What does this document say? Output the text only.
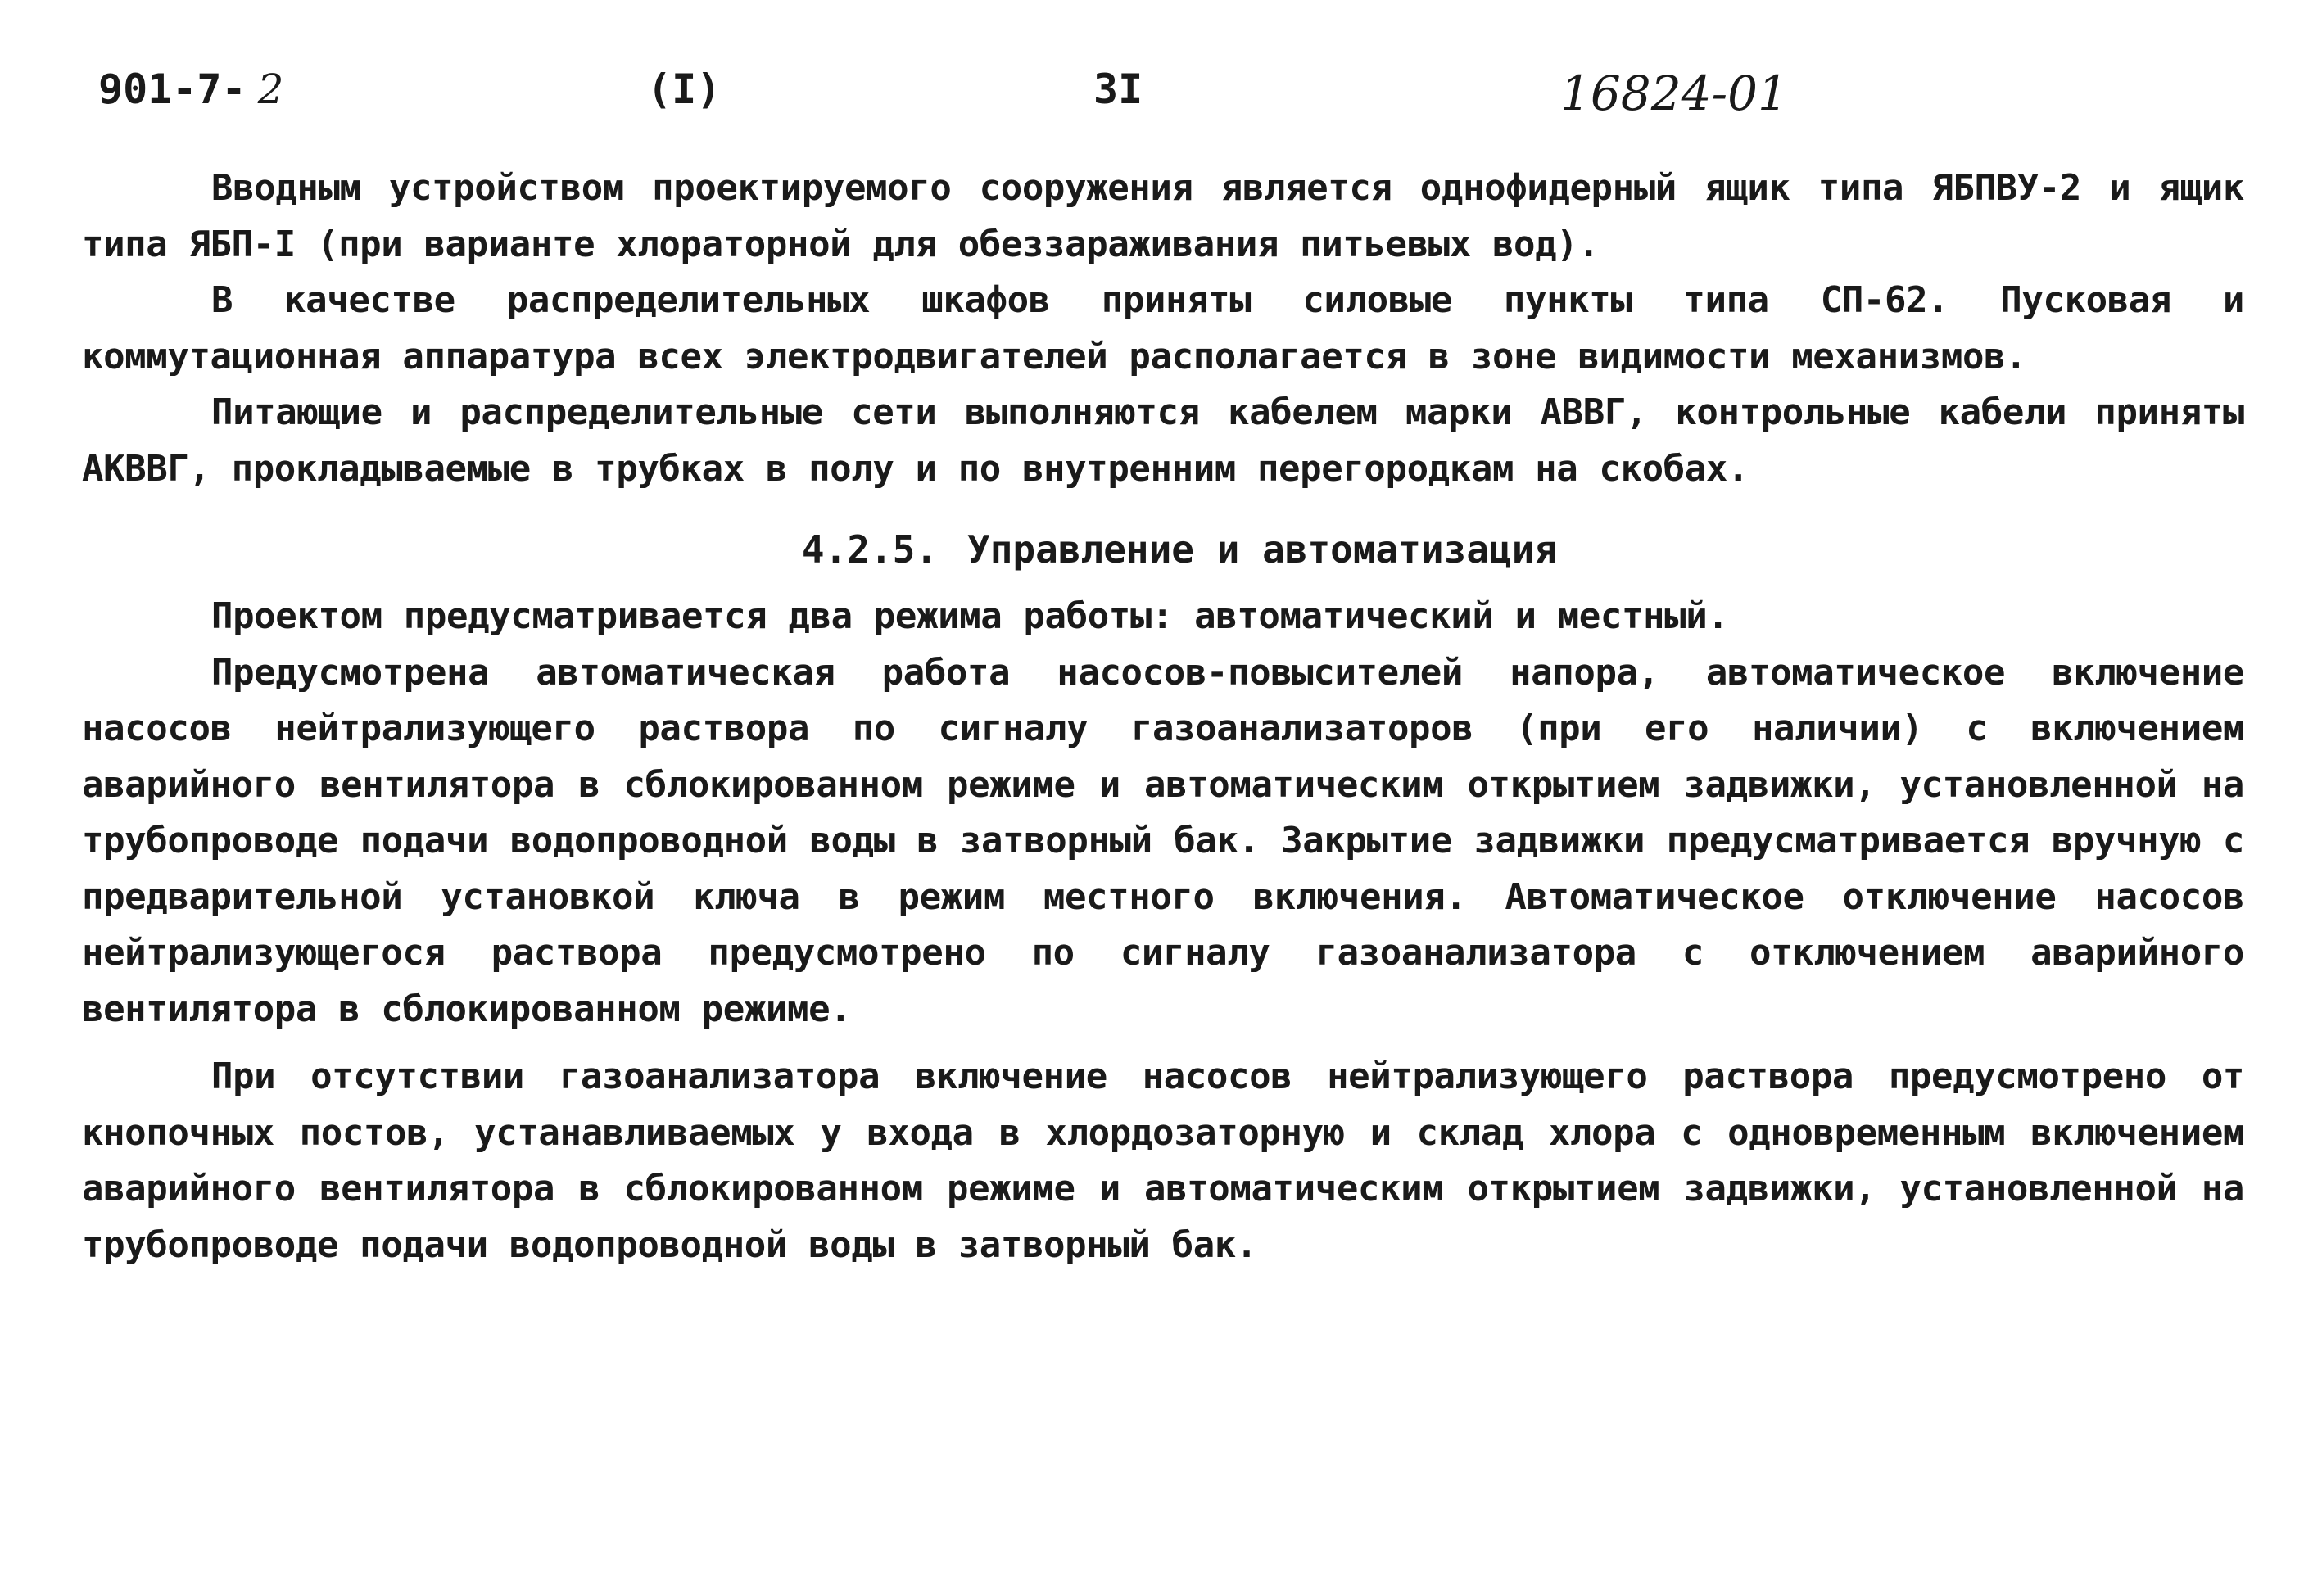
901-7- 2	(I)	3I	16824-01

Вводным устройством проектируемого сооружения является однофидерный ящик типа ЯБПВУ-2 и ящик типа ЯБП-I (при варианте хлораторной для обеззараживания питьевых вод).

В качестве распределительных шкафов приняты силовые пункты типа СП-62. Пусковая и коммутационная аппаратура всех электродвигателей располагается в зоне видимости механизмов.

Питающие и распределительные сети выполняются кабелем марки АВВГ, контрольные кабели приняты АКВВГ, прокладываемые в трубках в полу и по внутренним перегородкам на скобах.

4.2.5. Управление и автоматизация

Проектом предусматривается два режима работы: автоматический и местный.

Предусмотрена автоматическая работа насосов-повысителей напора, автоматическое включение насосов нейтрализующего раствора по сигналу газоанализаторов (при его наличии) с включением аварийного вентилятора в сблокированном режиме и автоматическим открытием задвижки, установленной на трубопроводе подачи водопроводной воды в затворный бак. Закрытие задвижки предусматривается вручную с предварительной установкой ключа в режим местного включения. Автоматическое отключение насосов нейтрализующегося раствора предусмотрено по сигналу газоанализатора с отключением аварийного вентилятора в сблокированном режиме.

При отсутствии газоанализатора включение насосов нейтрализующего раствора предусмотрено от кнопочных постов, устанавливаемых у входа в хлордозаторную и склад хлора с одновременным включением аварийного вентилятора в сблокированном режиме и автоматическим открытием задвижки, установленной на трубопроводе подачи водопроводной воды в затворный бак.
